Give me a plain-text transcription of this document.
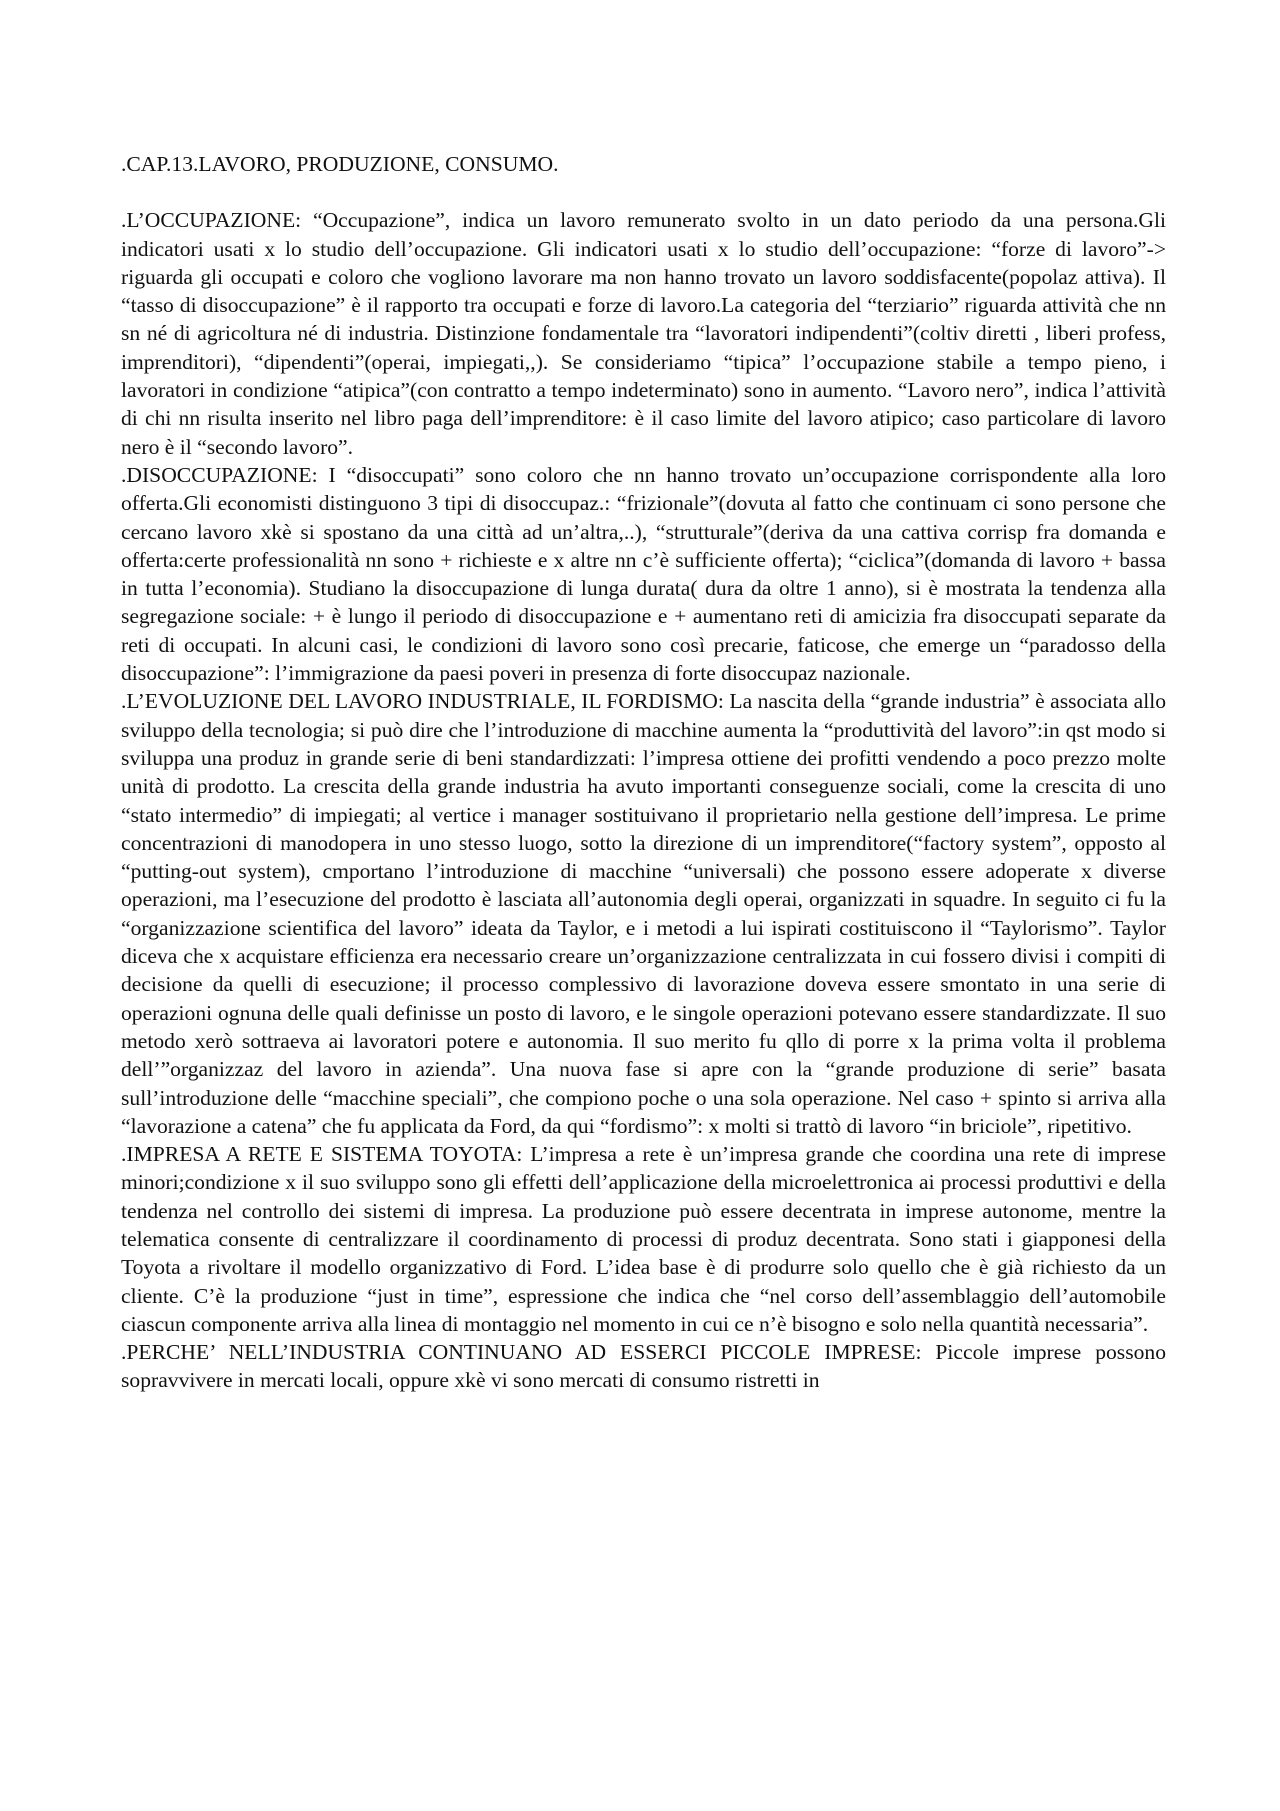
.CAP.13.LAVORO, PRODUZIONE, CONSUMO.

.L’OCCUPAZIONE: “Occupazione”, indica un lavoro remunerato svolto in un dato periodo da una persona.Gli indicatori usati x lo studio dell’occupazione. Gli indicatori usati x lo studio dell’occupazione: “forze di lavoro”-> riguarda gli occupati e coloro che vogliono lavorare ma non hanno trovato un lavoro soddisfacente(popolaz attiva). Il “tasso di disoccupazione” è il rapporto tra occupati e forze di lavoro.La categoria del “terziario” riguarda attività che nn sn né di agricoltura né di industria. Distinzione fondamentale tra “lavoratori indipendenti”(coltiv diretti , liberi profess, imprenditori), “dipendenti”(operai, impiegati,,). Se consideriamo “tipica” l’occupazione stabile a tempo pieno, i lavoratori in condizione “atipica”(con contratto a tempo indeterminato) sono in aumento. “Lavoro nero”, indica l’attività di chi nn risulta inserito nel libro paga dell’imprenditore: è il caso limite del lavoro atipico; caso particolare di lavoro nero è il “secondo lavoro”.

.DISOCCUPAZIONE: I “disoccupati” sono coloro che nn hanno trovato un’occupazione corrispondente alla loro offerta.Gli economisti distinguono 3 tipi di disoccupaz.: “frizionale”(dovuta al fatto che continuam ci sono persone che cercano lavoro xkè si spostano da una città ad un’altra,..), “strutturale”(deriva da una cattiva corrisp fra domanda e offerta:certe professionalità nn sono + richieste e x altre nn c’è sufficiente offerta); “ciclica”(domanda di lavoro + bassa in tutta l’economia). Studiano la disoccupazione di lunga durata( dura da oltre 1 anno), si è mostrata la tendenza alla segregazione sociale: + è lungo il periodo di disoccupazione e + aumentano reti di amicizia fra disoccupati separate da reti di occupati. In alcuni casi, le condizioni di lavoro sono così precarie, faticose, che emerge un “paradosso della disoccupazione”: l’immigrazione da paesi poveri in presenza di forte disoccupaz nazionale.

.L’EVOLUZIONE DEL LAVORO INDUSTRIALE, IL FORDISMO: La nascita della “grande industria” è associata allo sviluppo della tecnologia; si può dire che l’introduzione di macchine aumenta la “produttività del lavoro”:in qst modo si sviluppa una produz in grande serie di beni standardizzati: l’impresa ottiene dei profitti vendendo a poco prezzo molte unità di prodotto. La crescita della grande industria ha avuto importanti conseguenze sociali, come la crescita di uno “stato intermedio” di impiegati; al vertice i manager sostituivano il proprietario nella gestione dell’impresa. Le prime concentrazioni di manodopera in uno stesso luogo, sotto la direzione di un imprenditore(“factory system”, opposto al “putting-out system), cmportano l’introduzione di macchine “universali) che possono essere adoperate x diverse operazioni, ma l’esecuzione del prodotto è lasciata all’autonomia degli operai, organizzati in squadre. In seguito ci fu la “organizzazione scientifica del lavoro” ideata da Taylor, e i metodi a lui ispirati costituiscono il “Taylorismo”. Taylor diceva che x acquistare efficienza era necessario creare un’organizzazione centralizzata in cui fossero divisi i compiti di decisione da quelli di esecuzione; il processo complessivo di lavorazione doveva essere smontato in una serie di operazioni ognuna delle quali definisse un posto di lavoro, e le singole operazioni potevano essere standardizzate. Il suo metodo xerò sottraeva ai lavoratori potere e autonomia. Il suo merito fu qllo di porre x la prima volta il problema dell’”organizzaz del lavoro in azienda”. Una nuova fase si apre con la “grande produzione di serie” basata sull’introduzione delle “macchine speciali”, che compiono poche o una sola operazione. Nel caso + spinto si arriva alla “lavorazione a catena” che fu applicata da Ford, da qui “fordismo”: x molti si trattò di lavoro “in briciole”, ripetitivo.

.IMPRESA A RETE E SISTEMA TOYOTA: L’impresa a rete è un’impresa grande che coordina una rete di imprese minori;condizione x il suo sviluppo sono gli effetti dell’applicazione della microelettronica ai processi produttivi e della tendenza nel controllo dei sistemi di impresa. La produzione può essere decentrata in imprese autonome, mentre la telematica consente di centralizzare il coordinamento di processi di produz decentrata. Sono stati i giapponesi della Toyota a rivoltare il modello organizzativo di Ford. L’idea base è di produrre solo quello che è già richiesto da un cliente. C’è la produzione “just in time”, espressione che indica che “nel corso dell’assemblaggio dell’automobile ciascun componente arriva alla linea di montaggio nel momento in cui ce n’è bisogno e solo nella quantità necessaria”.

.PERCHE’ NELL’INDUSTRIA CONTINUANO AD ESSERCI PICCOLE IMPRESE: Piccole imprese possono sopravvivere in mercati locali, oppure xkè vi sono mercati di consumo ristretti in
